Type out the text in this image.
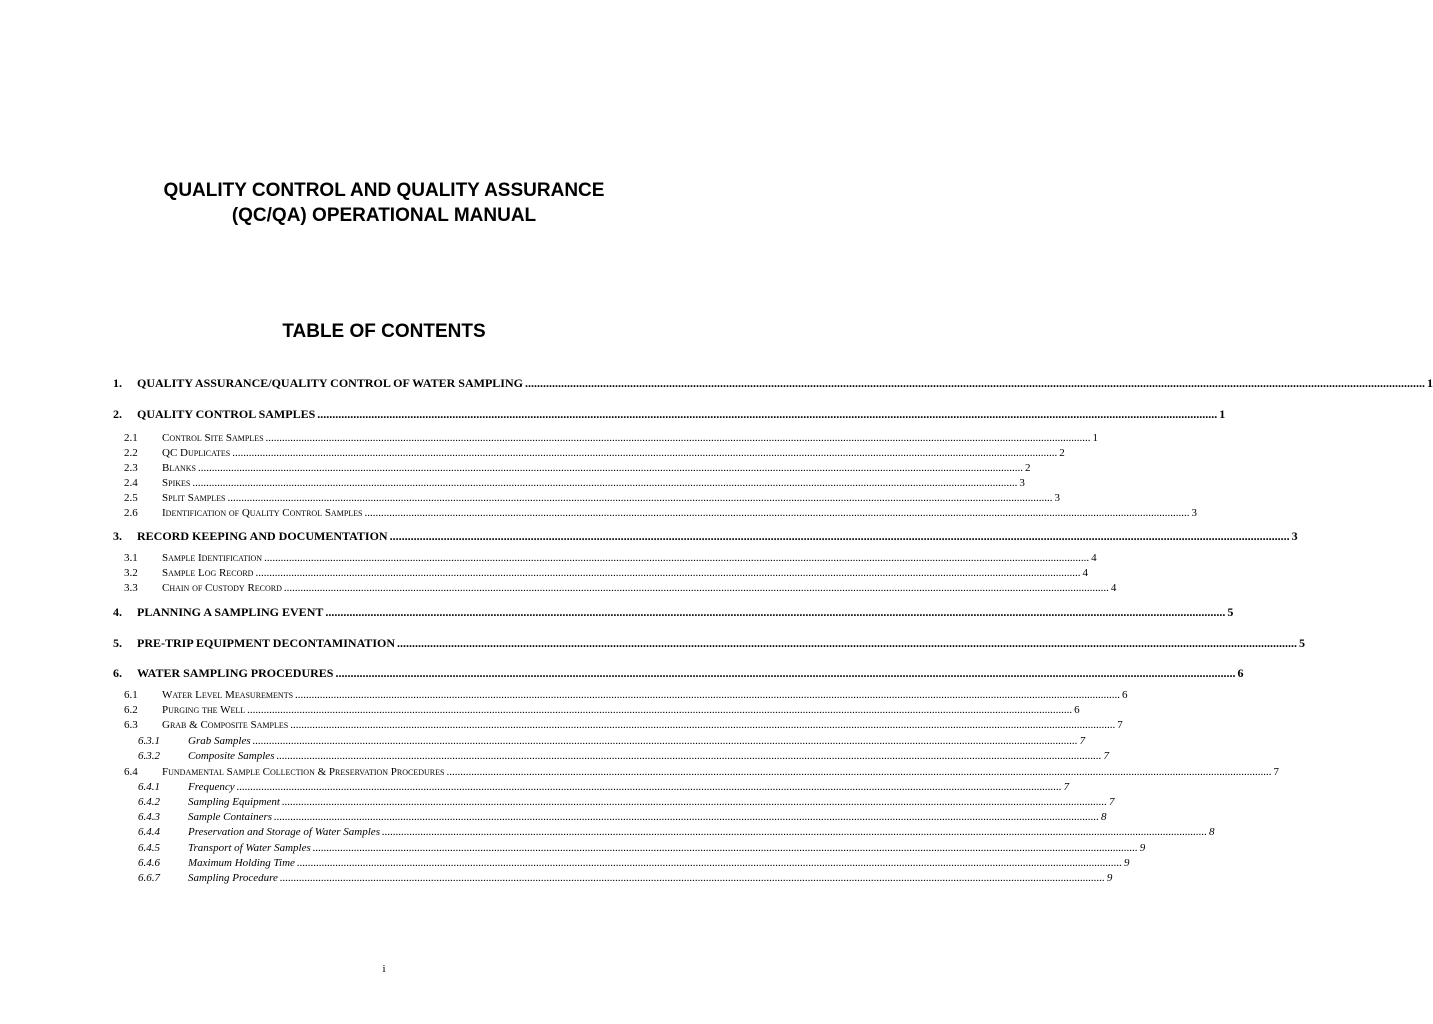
QUALITY CONTROL AND QUALITY ASSURANCE
(QC/QA) OPERATIONAL MANUAL
TABLE OF CONTENTS
1.	QUALITY ASSURANCE/QUALITY CONTROL OF WATER SAMPLING ............................................................................................................................................................................................................................................................................................................ 1
2.	QUALITY CONTROL SAMPLES ............................................................................................................................................................................................................................................................................................................ 1
2.1	Control Site Samples ............................................................................................................................................................................................................................................................................................................ 1
2.2	QC Duplicates ............................................................................................................................................................................................................................................................................................................ 2
2.3	Blanks ............................................................................................................................................................................................................................................................................................................ 2
2.4	Spikes ............................................................................................................................................................................................................................................................................................................ 3
2.5	Split Samples ............................................................................................................................................................................................................................................................................................................ 3
2.6	Identification of Quality Control Samples ............................................................................................................................................................................................................................................................................................................ 3
3.	RECORD KEEPING AND DOCUMENTATION ............................................................................................................................................................................................................................................................................................................ 3
3.1	Sample Identification ............................................................................................................................................................................................................................................................................................................ 4
3.2	Sample Log Record ............................................................................................................................................................................................................................................................................................................ 4
3.3	Chain of Custody Record ............................................................................................................................................................................................................................................................................................................ 4
4.	PLANNING A SAMPLING EVENT ............................................................................................................................................................................................................................................................................................................ 5
5.	PRE-TRIP EQUIPMENT DECONTAMINATION ............................................................................................................................................................................................................................................................................................................ 5
6.	WATER SAMPLING PROCEDURES ............................................................................................................................................................................................................................................................................................................ 6
6.1	Water Level Measurements ............................................................................................................................................................................................................................................................................................................ 6
6.2	Purging the Well ............................................................................................................................................................................................................................................................................................................ 6
6.3	Grab & Composite Samples ............................................................................................................................................................................................................................................................................................................ 7
6.3.1	Grab Samples ............................................................................................................................................................................................................................................................................................................ 7
6.3.2	Composite Samples ............................................................................................................................................................................................................................................................................................................ 7
6.4	Fundamental Sample Collection & Preservation Procedures ............................................................................................................................................................................................................................................................................................................ 7
6.4.1	Frequency ............................................................................................................................................................................................................................................................................................................ 7
6.4.2	Sampling Equipment ............................................................................................................................................................................................................................................................................................................ 7
6.4.3	Sample Containers ............................................................................................................................................................................................................................................................................................................ 8
6.4.4	Preservation and Storage of Water Samples ............................................................................................................................................................................................................................................................................................................ 8
6.4.5	Transport of Water Samples ............................................................................................................................................................................................................................................................................................................ 9
6.4.6	Maximum Holding Time ............................................................................................................................................................................................................................................................................................................ 9
6.6.7	Sampling Procedure ............................................................................................................................................................................................................................................................................................................ 9
i
